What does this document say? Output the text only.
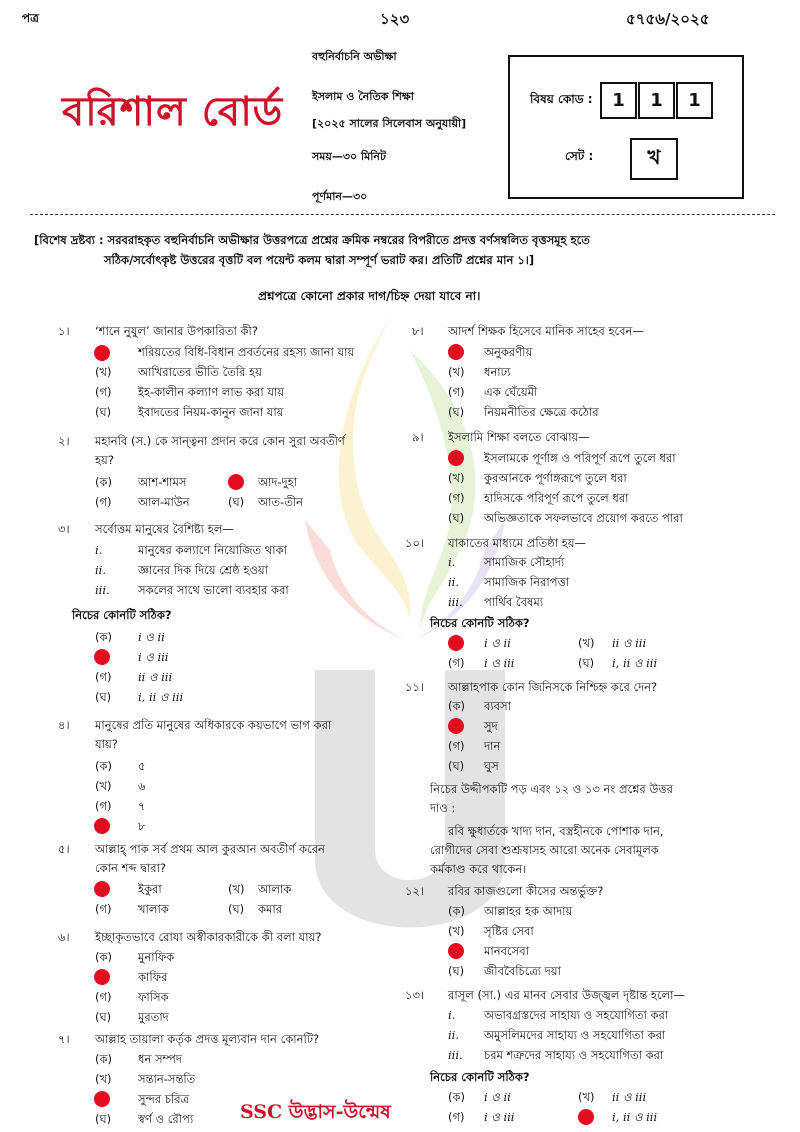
পত্র	১২৩	৫৭৫৬/২০২৫
বরিশাল বোর্ড
বহুনির্বাচনি অভীক্ষা
ইসলাম ও নৈতিক শিক্ষা
[২০২৫ সালের সিলেবাস অনুযায়ী]
সময়—৩০ মিনিট
পূর্ণমান—৩০
বিষয় কোড :	1	1	1
সেট :	খ
[বিশেষ দ্রষ্টব্য : সরবরাহকৃত বহুনির্বাচনি অভীক্ষার উত্তরপত্রে প্রশ্নের ক্রমিক নম্বরের বিপরীতে প্রদত্ত বর্ণসম্বলিত বৃত্তসমূহ হতে
সঠিক/সর্বোৎকৃষ্ট উত্তরের বৃত্তটি বল পয়েন্ট কলম দ্বারা সম্পূর্ণ ভরাট কর। প্রতিটি প্রশ্নের মান ১।]
প্রশ্নপত্রে কোনো প্রকার দাগ/চিহ্ন দেয়া যাবে না।
১। ‘শানে নুযুল’ জানার উপকারিতা কী?
শরিয়তের বিধি-বিধান প্রবর্তনের রহস্য জানা যায়
(খ) আখিরাতের ভীতি তৈরি হয়
(গ) ইহ-কালীন কল্যাণ লাভ করা যায়
(ঘ) ইবাদতের নিয়ম-কানুন জানা যায়
২। মহানবি (স.) কে সান্ত্বনা প্রদান করে কোন সুরা অবতীর্ণ
হয়?
(ক) আশ-শামস	আদ-দুহা
(গ) আল-মাউন	(ঘ) আত-তীন
৩। সর্বোত্তম মানুষের বৈশিষ্ট্য হল—
i.	মানুষের কল্যাণে নিয়োজিত থাকা
ii.	জ্ঞানের দিক দিয়ে শ্রেষ্ঠ হওয়া
iii. সকলের সাথে ভালো ব্যবহার করা
নিচের কোনটি সঠিক?
(ক) i ও ii
i ও iii
(গ) ii ও iii
(ঘ) i, ii ও iii
৪। মানুষের প্রতি মানুষের অধিকারকে কয়ভাগে ভাগ করা
যায়?
(ক) ৫
(খ) ৬
(গ) ৭
৮
৫। আল্লাহ্ পাক সর্ব প্রথম আল কুরআন অবতীর্ণ করেন
কোন শব্দ দ্বারা?
ইকুরা	(খ) আলাক
(গ) খালাক	(ঘ) কমার
৬। ইচ্ছাকৃতভাবে রোযা অস্বীকারকারীকে কী বলা যায়?
(ক) মুনাফিক
কাফির
(গ) ফাসিক
(ঘ) মুরতাদ
৭। আল্লাহ তায়ালা কর্তৃক প্রদত্ত মূল্যবান দান কোনটি?
(ক) ধন সম্পদ
(খ) সন্তান-সন্ততি
সুন্দর চরিত্র
(ঘ) স্বর্ণ ও রৌপ্য
৮। আদর্শ শিক্ষক হিসেবে মানিক সাহেব হবেন—
অনুকরণীয়
(খ) ধনাঢ্য
(গ) এক ঘেঁয়েমী
(ঘ) নিয়মনীতির ক্ষেত্রে কঠোর
৯। ইসলামি শিক্ষা বলতে বোঝায়—
ইসলামকে পূর্ণাঙ্গ ও পরিপূর্ণ রূপে তুলে ধরা
(খ) কুরআনকে পূর্ণাঙ্গরূপে তুলে ধরা
(গ) হাদিসকে পরিপূর্ণ রূপে তুলে ধরা
(ঘ) অভিজ্ঞতাকে সফলভাবে প্রয়োগ করতে পারা
১০। যাকাতের মাধ্যমে প্রতিষ্ঠা হয়—
i. সামাজিক সৌহার্দ্য
ii. সামাজিক নিরাপত্তা
iii. পার্থিব বৈষম্য
নিচের কোনটি সঠিক?
i ও ii	(খ) ii ও iii
(গ) i ও iii	(ঘ) i, ii ও iii
১১। আল্লাহপাক কোন জিনিসকে নিশ্চিহ্ন করে দেন?
(ক) ব্যবসা
সুদ
(গ) দান
(ঘ) ঘুস
নিচের উদ্দীপকটি পড় এবং ১২ ও ১৩ নং প্রশ্নের উত্তর
দাও :
রবি ক্ষুধার্তকে খাদ্য দান, বস্ত্রহীনকে পোশাক দান,
রোগীদের সেবা শুশ্রূষাসহ আরো অনেক সেবামূলক
কর্মকাণ্ড করে থাকেন।
১২। রবির কাজগুলো কীসের অন্তর্ভুক্ত?
(ক) আল্লাহর হক আদায়
(খ) সৃষ্টির সেবা
মানবসেবা
(ঘ) জীববৈচিত্র্যে দয়া
১৩। রাসূল (সা.) এর মানব সেবার উজ্জ্বল দৃষ্টান্ত হলো—
i. অভাবগ্রস্তদের সাহায্য ও সহযোগিতা করা
ii. অমুসলিমদের সাহায্য ও সহযোগিতা করা
iii. চরম শত্রুদের সাহায্য ও সহযোগিতা করা
নিচের কোনটি সঠিক?
(ক) i ও ii	(খ) ii ও iii
(গ) i ও iii	i, ii ও iii
SSC উদ্ভাস-উন্মেষ
